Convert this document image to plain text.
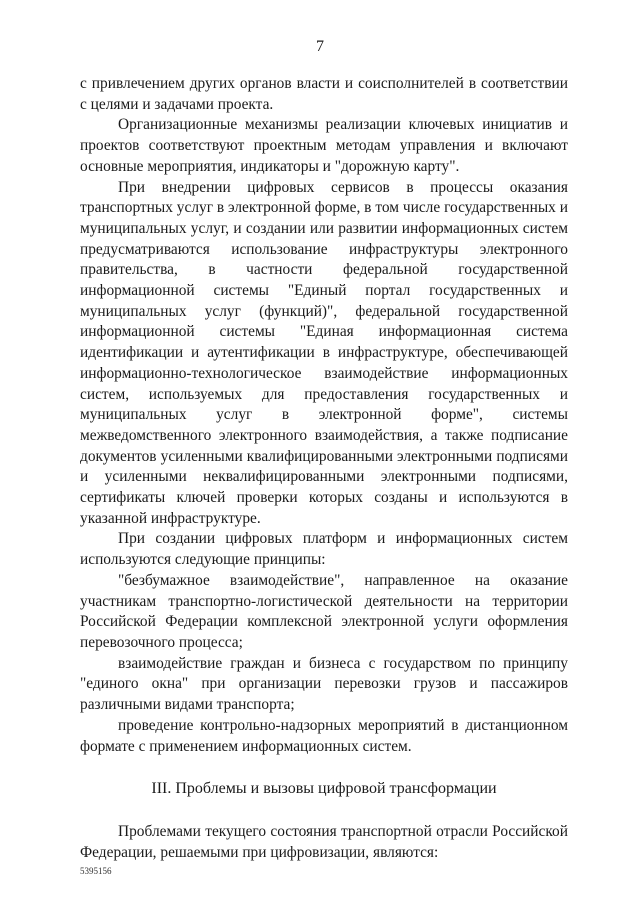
7

с привлечением других органов власти и соисполнителей в соответствии с целями и задачами проекта.

Организационные механизмы реализации ключевых инициатив и проектов соответствуют проектным методам управления и включают основные мероприятия, индикаторы и "дорожную карту".

При внедрении цифровых сервисов в процессы оказания транспортных услуг в электронной форме, в том числе государственных и муниципальных услуг, и создании или развитии информационных систем предусматриваются использование инфраструктуры электронного правительства, в частности федеральной государственной информационной системы "Единый портал государственных и муниципальных услуг (функций)", федеральной государственной информационной системы "Единая информационная система идентификации и аутентификации в инфраструктуре, обеспечивающей информационно-технологическое взаимодействие информационных систем, используемых для предоставления государственных и муниципальных услуг в электронной форме", системы межведомственного электронного взаимодействия, а также подписание документов усиленными квалифицированными электронными подписями и усиленными неквалифицированными электронными подписями, сертификаты ключей проверки которых созданы и используются в указанной инфраструктуре.

При создании цифровых платформ и информационных систем используются следующие принципы:

"безбумажное взаимодействие", направленное на оказание участникам транспортно-логистической деятельности на территории Российской Федерации комплексной электронной услуги оформления перевозочного процесса;

взаимодействие граждан и бизнеса с государством по принципу "единого окна" при организации перевозки грузов и пассажиров различными видами транспорта;

проведение контрольно-надзорных мероприятий в дистанционном формате с применением информационных систем.

III. Проблемы и вызовы цифровой трансформации

Проблемами текущего состояния транспортной отрасли Российской Федерации, решаемыми при цифровизации, являются:

5395156
